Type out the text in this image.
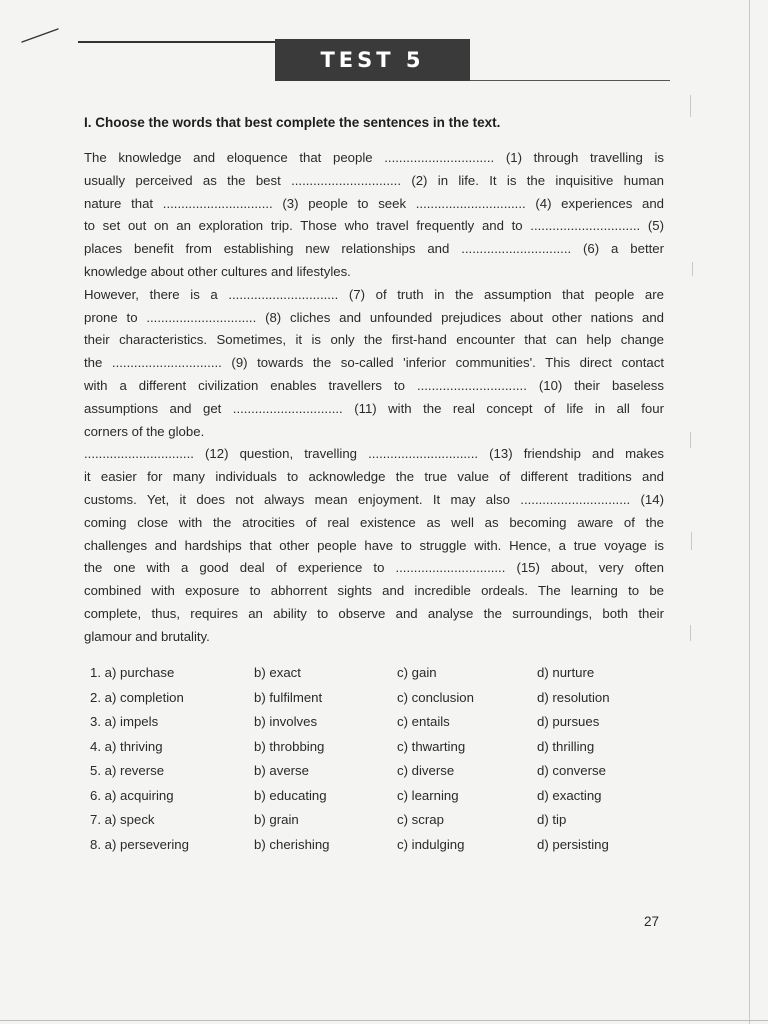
TEST 5
I. Choose the words that best complete the sentences in the text.
The knowledge and eloquence that people .............................. (1) through travelling is
usually perceived as the best .............................. (2) in life. It is the inquisitive human
nature that .............................. (3) people to seek .............................. (4) experiences and
to set out on an exploration trip. Those who travel frequently and to .............................. (5)
places benefit from establishing new relationships and .............................. (6) a better
knowledge about other cultures and lifestyles.
However, there is a .............................. (7) of truth in the assumption that people are
prone to .............................. (8) cliches and unfounded prejudices about other nations and
their characteristics. Sometimes, it is only the first-hand encounter that can help change
the .............................. (9) towards the so-called 'inferior communities'. This direct contact
with a different civilization enables travellers to .............................. (10) their baseless
assumptions and get .............................. (11) with the real concept of life in all four
corners of the globe.
.............................. (12) question, travelling .............................. (13) friendship and makes
it easier for many individuals to acknowledge the true value of different traditions and
customs. Yet, it does not always mean enjoyment. It may also .............................. (14)
coming close with the atrocities of real existence as well as becoming aware of the
challenges and hardships that other people have to struggle with. Hence, a true voyage is
the one with a good deal of experience to .............................. (15) about, very often
combined with exposure to abhorrent sights and incredible ordeals. The learning to be
complete, thus, requires an ability to observe and analyse the surroundings, both their
glamour and brutality.
1. a) purchase	b) exact	c) gain	d) nurture
2. a) completion	b) fulfilment	c) conclusion	d) resolution
3. a) impels	b) involves	c) entails	d) pursues
4. a) thriving	b) throbbing	c) thwarting	d) thrilling
5. a) reverse	b) averse	c) diverse	d) converse
6. a) acquiring	b) educating	c) learning	d) exacting
7. a) speck	b) grain	c) scrap	d) tip
8. a) persevering	b) cherishing	c) indulging	d) persisting
27
